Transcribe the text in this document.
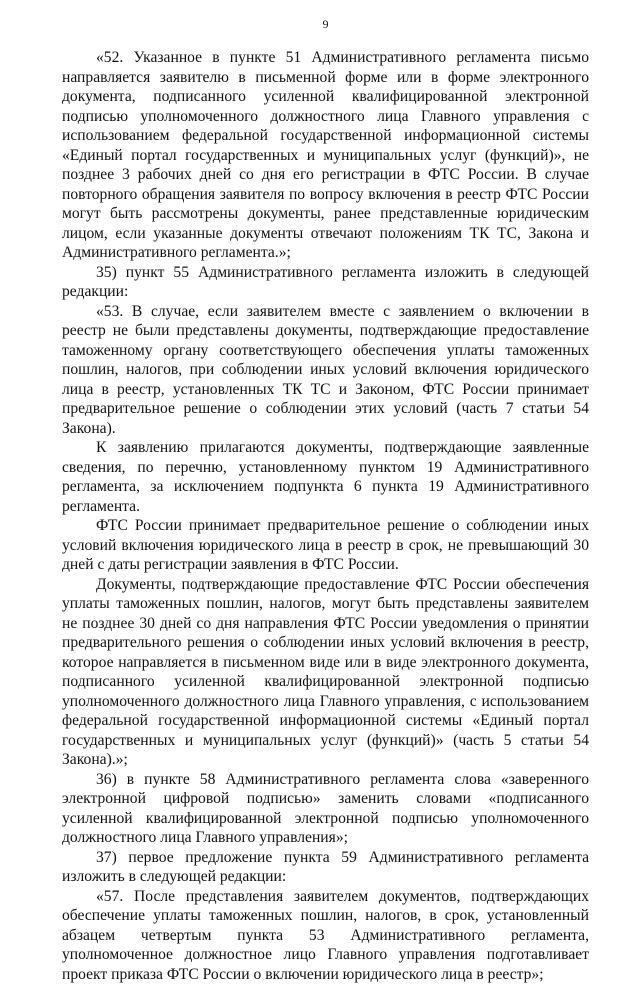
9

«52. Указанное в пункте 51 Административного регламента письмо направляется заявителю в письменной форме или в форме электронного документа, подписанного усиленной квалифицированной электронной подписью уполномоченного должностного лица Главного управления с использованием федеральной государственной информационной системы «Единый портал государственных и муниципальных услуг (функций)», не позднее 3 рабочих дней со дня его регистрации в ФТС России. В случае повторного обращения заявителя по вопросу включения в реестр ФТС России могут быть рассмотрены документы, ранее представленные юридическим лицом, если указанные документы отвечают положениям ТК ТС, Закона и Административного регламента.»;

35) пункт 55 Административного регламента изложить в следующей редакции:

«53. В случае, если заявителем вместе с заявлением о включении в реестр не были представлены документы, подтверждающие предоставление таможенному органу соответствующего обеспечения уплаты таможенных пошлин, налогов, при соблюдении иных условий включения юридического лица в реестр, установленных ТК ТС и Законом, ФТС России принимает предварительное решение о соблюдении этих условий (часть 7 статьи 54 Закона).

К заявлению прилагаются документы, подтверждающие заявленные сведения, по перечню, установленному пунктом 19 Административного регламента, за исключением подпункта 6 пункта 19 Административного регламента.

ФТС России принимает предварительное решение о соблюдении иных условий включения юридического лица в реестр в срок, не превышающий 30 дней с даты регистрации заявления в ФТС России.

Документы, подтверждающие предоставление ФТС России обеспечения уплаты таможенных пошлин, налогов, могут быть представлены заявителем не позднее 30 дней со дня направления ФТС России уведомления о принятии предварительного решения о соблюдении иных условий включения в реестр, которое направляется в письменном виде или в виде электронного документа, подписанного усиленной квалифицированной электронной подписью уполномоченного должностного лица Главного управления, с использованием федеральной государственной информационной системы «Единый портал государственных и муниципальных услуг (функций)» (часть 5 статьи 54 Закона).»;

36) в пункте 58 Административного регламента слова «заверенного электронной цифровой подписью» заменить словами «подписанного усиленной квалифицированной электронной подписью уполномоченного должностного лица Главного управления»;

37) первое предложение пункта 59 Административного регламента изложить в следующей редакции:

«57. После представления заявителем документов, подтверждающих обеспечение уплаты таможенных пошлин, налогов, в срок, установленный абзацем четвертым пункта 53 Административного регламента, уполномоченное должностное лицо Главного управления подготавливает проект приказа ФТС России о включении юридического лица в реестр»;
